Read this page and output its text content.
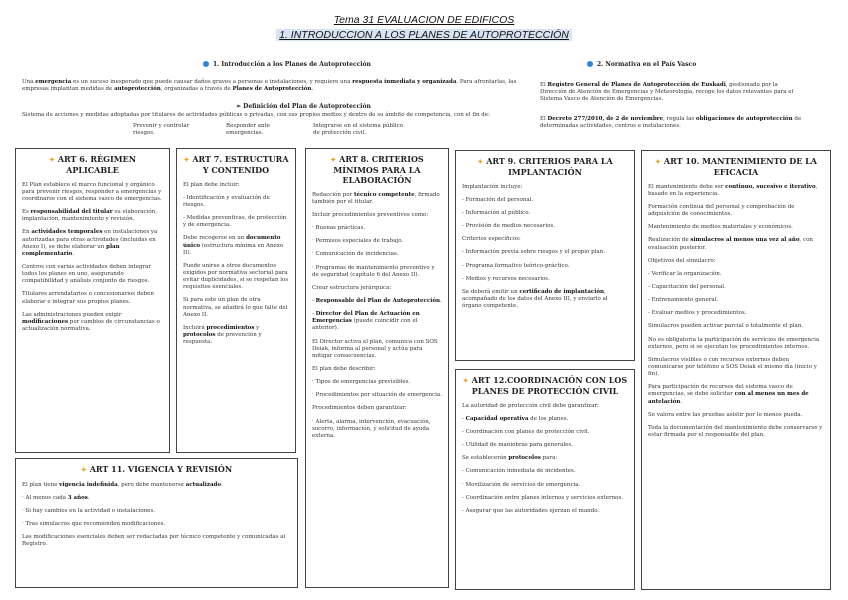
Tema 31 EVALUACION DE EDIFICOS
1. INTRODUCCION A LOS PLANES DE AUTOPROTECCIÓN
1. Introducción a los Planes de Autoprotección
Una emergencia es un suceso inesperado que puede causar daños graves a personas e instalaciones, y requiere una respuesta inmediata y organizada. Para afrontarlas, las empresas implantan medidas de autoprotección, organizadas a través de Planes de Autoprotección.
➢ Definición del Plan de Autoprotección
Sistema de acciones y medidas adoptadas por titulares de actividades públicas o privadas, con sus propios medios y dentro de su ámbito de competencia, con el fin de:
Prevenir y controlar riesgos.
Responder ante emergencias.
Integrarse en el sistema público de protección civil.
2. Normativa en el País Vasco
El Registro General de Planes de Autoprotección de Euskadi, gestionado por la Dirección de Atención de Emergencias y Meteorología, recoge los datos relevantes para el Sistema Vasco de Atención de Emergencias.
El Decreto 277/2010, de 2 de noviembre, regula las obligaciones de autoprotección de determinadas actividades, centros e instalaciones.
✦ ART 6. RÉGIMEN APLICABLE

El Plan establece el marco funcional y orgánico para prevenir riesgos, responder a emergencias y coordinarse con el sistema vasco de emergencias.

Es responsabilidad del titular su elaboración, implantación, mantenimiento y revisión.

En actividades temporales en instalaciones ya autorizadas para otras actividades (incluidas en Anexo I), se debe elaborar un plan complementario.

Centros con varias actividades deben integrar todos los planes en uno, asegurando compatibilidad y análisis conjunto de riesgos.

Titulares arrendatarios o concesionarios deben elaborar e integrar sus propios planes.

Las administraciones pueden exigir modificaciones por cambios de circunstancias o actualización normativa.

✦ ART 7. ESTRUCTURA Y CONTENIDO

El plan debe incluir:

- Identificación y evaluación de riesgos.

- Medidas preventivas, de protección y de emergencia.

Debe recogerse en un documento único (estructura mínima en Anexo II).

Puede unirse a otros documentos exigidos por normativa sectorial para evitar duplicidades, si se respetan los requisitos esenciales.

Si para este un plan de otra normativa, se añadirá lo que falte del Anexo II.

Incluirá procedimientos y protocolos de prevención y respuesta.

✦ ART 8. CRITERIOS MÍNIMOS PARA LA ELABORACIÓN

Redacción por técnico competente, firmado también por el titular.

Incluir procedimientos preventivos como:

· Buenas prácticas.

· Permisos especiales de trabajo.

· Comunicación de incidencias.

· Programas de mantenimiento preventivo y de seguridad (capítulo 6 del Anexo II).

Crear estructura jerárquica:

- Responsable del Plan de Autoprotección.

- Director del Plan de Actuación en Emergencias (puede coincidir con el anterior).

El Director activa el plan, comunica con SOS Deiak, informa al personal y actúa para mitigar consecuencias.

El plan debe describir:

· Tipos de emergencias previsibles.

· Procedimientos por situación de emergencia.

Procedimientos deben garantizar:

· Alerta, alarma, intervención, evacuación, socorro, información, y solicitud de ayuda externa.

✦ ART 9. CRITERIOS PARA LA IMPLANTACIÓN

Implantación incluye:

- Formación del personal.

- Información al público.

- Provisión de medios necesarios.

Criterios específicos:

- Información previa sobre riesgos y el propio plan.

- Programa formativo teórico-práctico.

- Medios y recursos necesarios.

Se deberá emitir un certificado de implantación, acompañado de los datos del Anexo III, y enviarlo al órgano competente.

✦ ART 10. MANTENIMIENTO DE LA EFICACIA

El mantenimiento debe ser continuo, sucesivo e iterativo, basado en la experiencia.

Formación continua del personal y comprobación de adquisición de conocimientos.

Mantenimiento de medios materiales y económicos.

Realización de simulacros al menos una vez al año, con evaluación posterior.

Objetivos del simulacro:

- Verificar la organización.

- Capacitación del personal.

- Entrenamiento general.

- Evaluar medios y procedimientos.

Simulacros pueden activar parcial o totalmente el plan.

No es obligatoria la participación de servicios de emergencia externos, pero si se ejecutan los procedimientos internos.

Simulacros visibles o con recursos externos deben comunicarse por teléfono a SOS Deiak el mismo día (inicio y fin).

Para participación de recursos del sistema vasco de emergencias, se debe solicitar con al menos un mes de antelación.

Se valora entre las pruebas asistir por lo menos pueda.

Toda la documentación del mantenimiento debe conservarse y estar firmada por el responsable del plan.

✦ ART 11. VIGENCIA Y REVISIÓN

El plan tiene vigencia indefinida, pero debe mantenerse actualizado.

· Al menos cada 3 años.

· Si hay cambios en la actividad o instalaciones.

· Tras simulacros que recomienden modificaciones.

Las modificaciones esenciales deben ser redactadas por técnico competente y comunicadas al Registro.

✦ ART 12.COORDINACIÓN CON LOS PLANES DE PROTECCIÓN CIVIL

La autoridad de protección civil debe garantizar:

- Capacidad operativa de los planes.

- Coordinación con planes de protección civil.

- Utilidad de maniobras para generales.

Se establecerán protocolos para:

- Comunicación inmediata de incidentes.

· Movilización de servicios de emergencia.

- Coordinación entre planes internos y servicios externos.

- Asegurar que las autoridades ejerzan el mando.
